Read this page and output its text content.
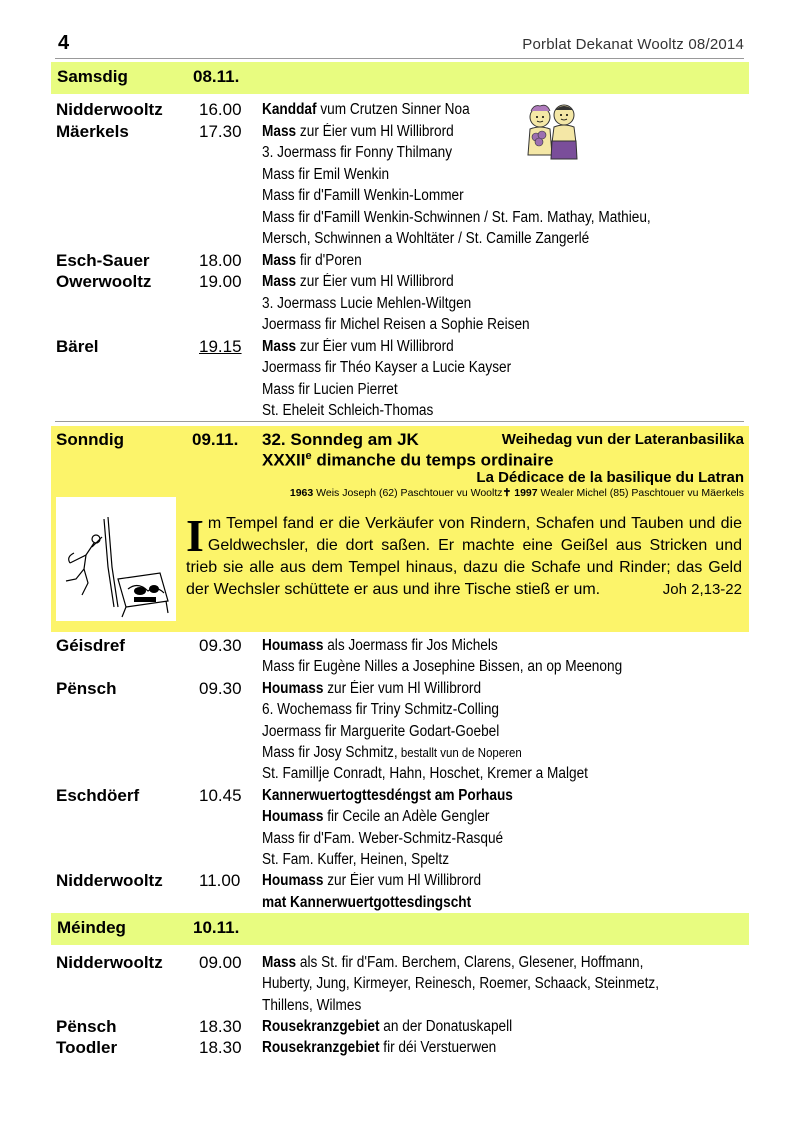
4	Porblat Dekanat Wooltz 08/2014
Samsdig	08.11.
Nidderwooltz 16.00 Kanddaf vum Crutzen Sinner Noa
Mäerkels	17.30 Mass zur Éier vum Hl Willibrord
3. Joermass fir Fonny Thilmany
Mass fir Emil Wenkin
Mass fir d'Famill Wenkin-Lommer
Mass fir d'Famill Wenkin-Schwinnen / St. Fam. Mathay, Mathieu,
Mersch, Schwinnen a Wohltäter / St. Camille Zangerlé
Esch-Sauer	18.00 Mass fir d'Poren
Owerwooltz	19.00 Mass zur Éier vum Hl Willibrord
3. Joermass Lucie Mehlen-Wiltgen
Joermass fir Michel Reisen a Sophie Reisen
Bärel	19.15 Mass zur Éier vum Hl Willibrord
Joermass fir Théo Kayser a Lucie Kayser
Mass fir Lucien Pierret
St. Eheleit Schleich-Thomas
Sonndig	09.11. 32. Sonndeg am JK	Weihedag vun der Lateranbasilika
XXXIIe dimanche du temps ordinaire
La Dédicace de la basilique du Latran
1963 Weis Joseph (62) Paschtouer vu Wooltz✝ 1997 Wealer Michel (85) Paschtouer vu Mäerkels
Im Tempel fand er die Verkäufer von Rindern, Schafen und Tauben und die Geldwechsler, die dort saßen. Er machte eine Geißel aus Stricken und trieb sie alle aus dem Tempel hinaus, dazu die Schafe und Rinder; das Geld der Wechsler schüttete er aus und ihre Tische stieß er um.	Joh 2,13-22
Géisdref	09.30 Houmass als Joermass fir Jos Michels
Mass fir Eugène Nilles a Josephine Bissen, an op Meenong
Pënsch	09.30 Houmass zur Éier vum Hl Willibrord
6. Wochemass fir Triny Schmitz-Colling
Joermass fir Marguerite Godart-Goebel
Mass fir Josy Schmitz, bestallt vun de Noperen
St. Famillje Conradt, Hahn, Hoschet, Kremer a Malget
Eschdöerf	10.45 Kannerwuertogttesdéngst am Porhaus
Houmass fir Cecile an Adèle Gengler
Mass fir d'Fam. Weber-Schmitz-Rasqué
St. Fam. Kuffer, Heinen, Speltz
Nidderwooltz 11.00 Houmass zur Éier vum Hl Willibrord
mat Kannerwuertgottesdingscht
Méindeg	10.11.
Nidderwooltz 09.00 Mass als St. fir d'Fam. Berchem, Clarens, Glesener, Hoffmann,
Huberty, Jung, Kirmeyer, Reinesch, Roemer, Schaack, Steinmetz,
Thillens, Wilmes
Pënsch	18.30 Rousekranzgebiet an der Donatuskapell
Toodler	18.30 Rousekranzgebiet fir déi Verstuerwen
